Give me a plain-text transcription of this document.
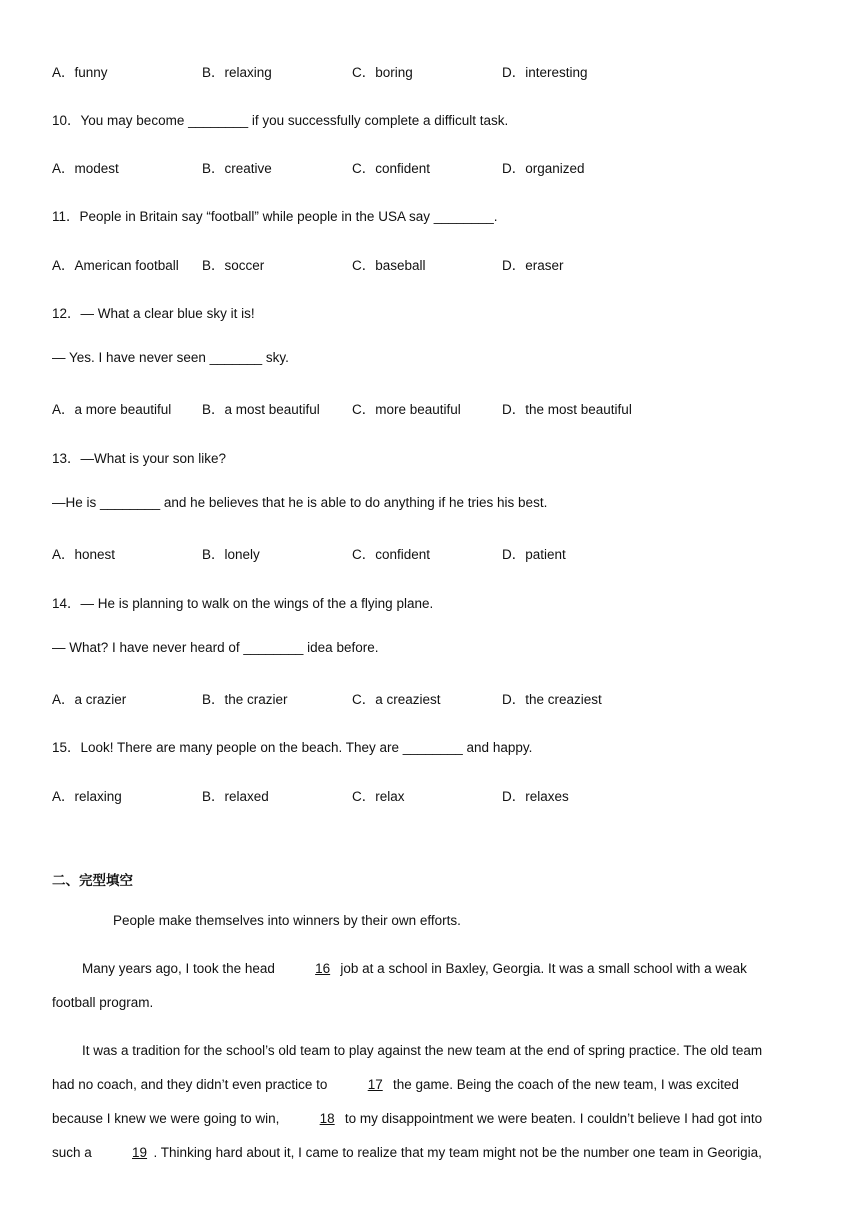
A．funny	B．relaxing	C．boring	D．interesting
10．You may become ________ if you successfully complete a difficult task.
A．modest	B．creative	C．confident	D．organized
11．People in Britain say “football” while people in the USA say ________.
A．American football B．soccer	C．baseball	D．eraser
12．— What a clear blue sky it is!
— Yes. I have never seen _______ sky.
A．a more beautiful B．a most beautiful C．more beautiful	D．the most beautiful
13．—What is your son like?
—He is ________ and he believes that he is able to do anything if he tries his best.
A．honest	B．lonely	C．confident	D．patient
14．— He is planning to walk on the wings of the a flying plane.
— What? I have never heard of ________ idea before.
A．a crazier	B．the crazier	C．a creaziest	D．the creaziest
15．Look! There are many people on the beach. They are ________ and happy.
A．relaxing	B．relaxed	C．relax	D．relaxes
二、完型填空
People make themselves into winners by their own efforts.
Many years ago, I took the head	16 job at a school in Baxley, Georgia. It was a small school with a weak
football program.
It was a tradition for the school’s old team to play against the new team at the end of spring practice. The old team
had no coach, and they didn’t even practice to	17 the game. Being the coach of the new team, I was excited
because I knew we were going to win,	18 to my disappointment we were beaten. I couldn’t believe I had got into
such a	19 . Thinking hard about it, I came to realize that my team might not be the number one team in Georigia,
